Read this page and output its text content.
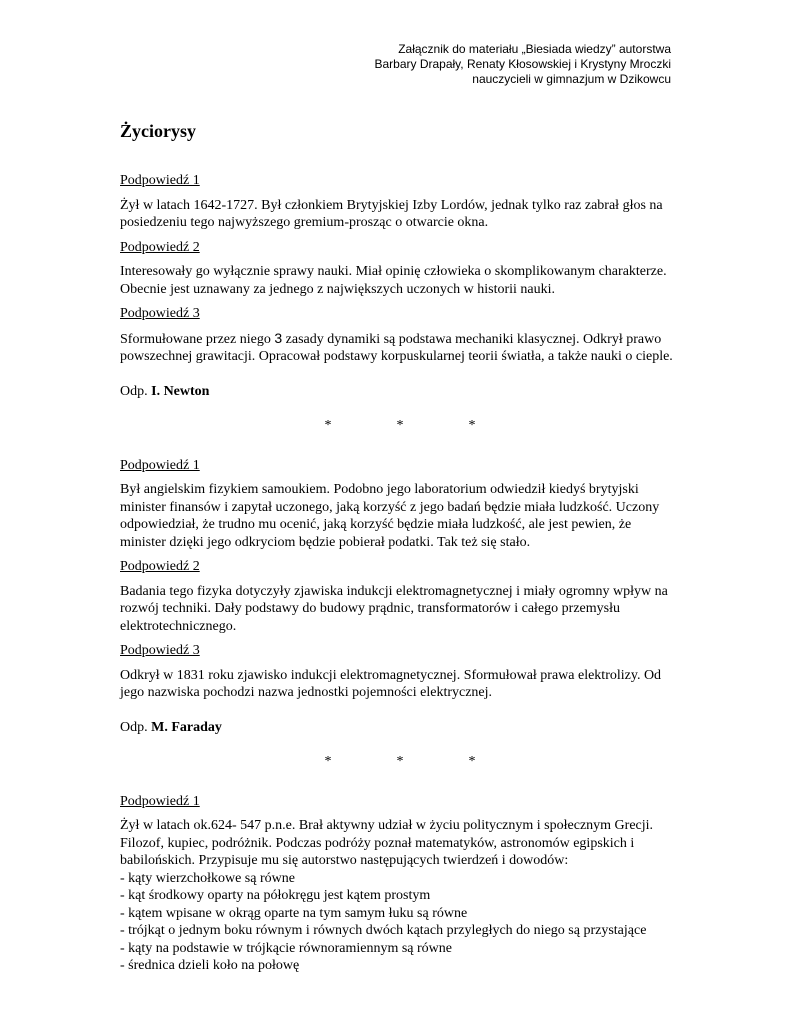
Załącznik do materiału „Biesiada wiedzy” autorstwa
Barbary Drapały, Renaty Kłosowskiej i Krystyny Mroczki
nauczycieli w gimnazjum w Dzikowcu
Życiorysy
Podpowiedź 1

Żył w latach 1642-1727. Był członkiem Brytyjskiej Izby Lordów, jednak tylko raz zabrał głos na posiedzeniu tego najwyższego gremium-prosząc o otwarcie okna.

Podpowiedź 2

Interesowały go wyłącznie sprawy nauki. Miał opinię człowieka o skomplikowanym charakterze. Obecnie jest uznawany za jednego z największych uczonych w historii nauki.

Podpowiedź 3

Sformułowane przez niego 3 zasady dynamiki są podstawa mechaniki klasycznej. Odkrył prawo powszechnej grawitacji. Opracował podstawy korpuskularnej teorii światła, a także nauki o cieple.

Odp. I. Newton
*	*	*
Podpowiedź 1

Był angielskim fizykiem samoukiem. Podobno jego laboratorium odwiedził kiedyś brytyjski minister finansów i zapytał uczonego, jaką korzyść z jego badań będzie miała ludzkość. Uczony odpowiedział, że trudno mu ocenić, jaką korzyść będzie miała ludzkość, ale jest pewien, że minister dzięki jego odkryciom będzie pobierał podatki. Tak też się stało.

Podpowiedź 2

Badania tego fizyka dotyczyły zjawiska indukcji elektromagnetycznej i miały ogromny wpływ na rozwój techniki. Dały podstawy do budowy prądnic, transformatorów i całego przemysłu elektrotechnicznego.

Podpowiedź 3

Odkrył w 1831 roku zjawisko indukcji elektromagnetycznej. Sformułował prawa elektrolizy. Od jego nazwiska pochodzi nazwa jednostki pojemności elektrycznej.

Odp. M. Faraday
*	*	*
Podpowiedź 1

Żył w latach ok.624- 547 p.n.e. Brał aktywny udział w życiu politycznym i społecznym Grecji. Filozof, kupiec, podróżnik. Podczas podróży poznał matematyków, astronomów egipskich i babilońskich. Przypisuje mu się autorstwo następujących twierdzeń i dowodów:

- kąty wierzchołkowe są równe
- kąt środkowy oparty na półokręgu jest kątem prostym
- kątem wpisane w okrąg oparte na tym samym łuku są równe
- trójkąt o jednym boku równym i równych dwóch kątach przyległych do niego są przystające
- kąty na podstawie w trójkącie równoramiennym są równe
- średnica dzieli koło na połowę
